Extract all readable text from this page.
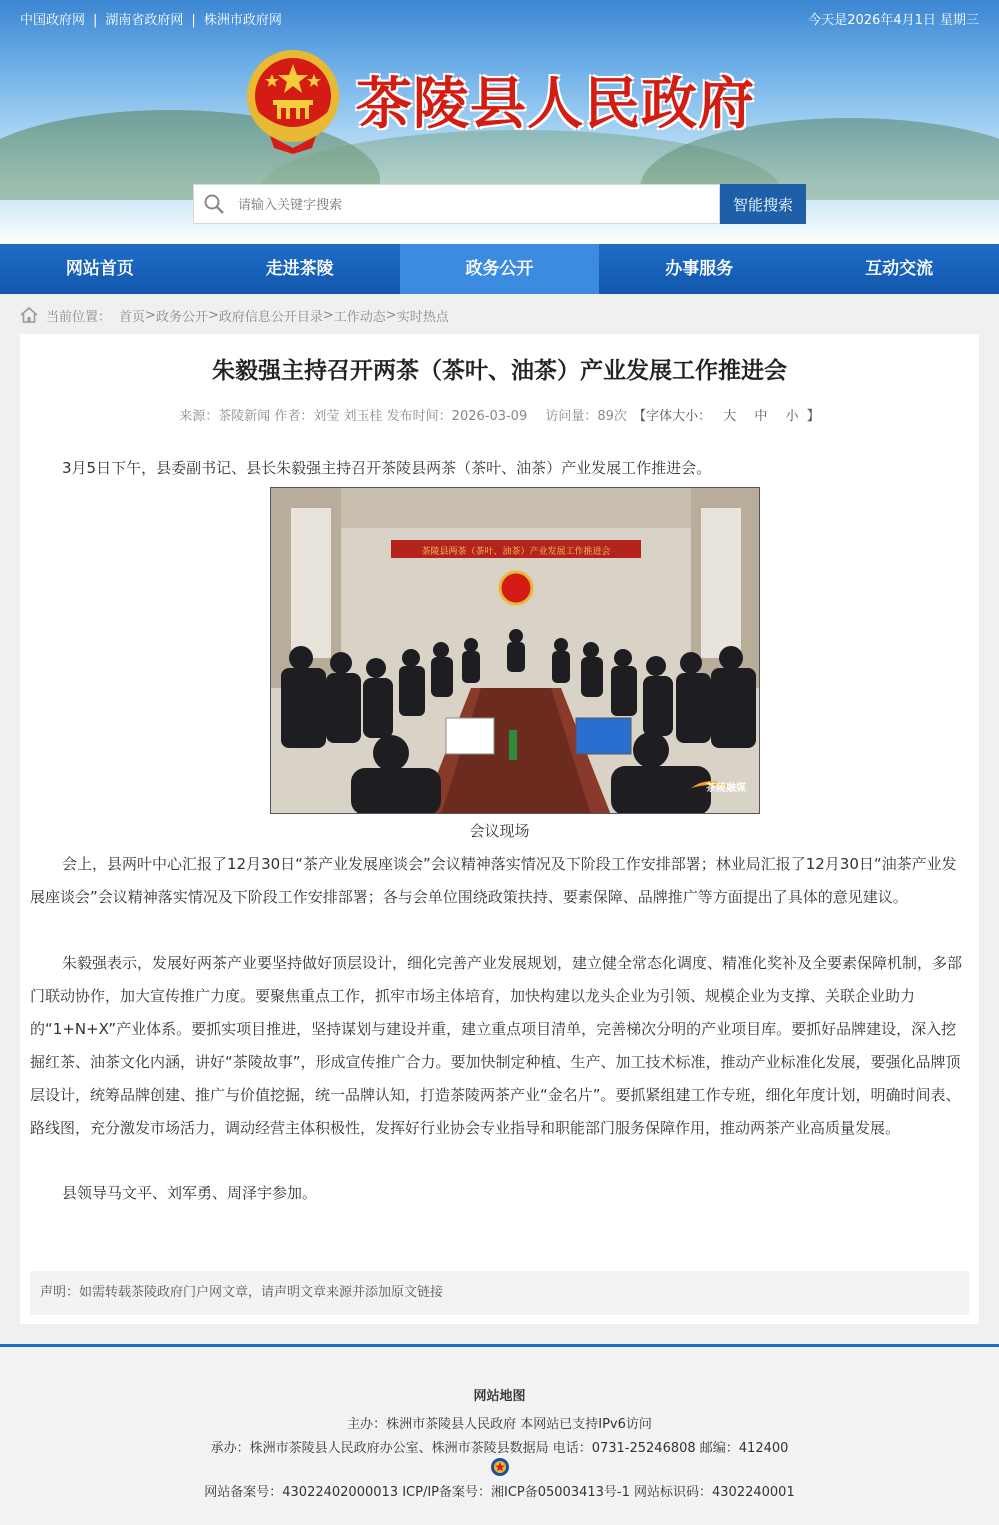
中国政府网 | 湖南省政府网 | 株洲市政府网	今天是2026年4月1日 星期三
茶陵县人民政府
请输入关键字搜索
智能搜索
网站首页	走进茶陵	政务公开	办事服务	互动交流
当前位置： 首页 > 政务公开 > 政府信息公开目录 > 工作动态 > 实时热点
朱毅强主持召开两茶（茶叶、油茶）产业发展工作推进会
来源：茶陵新闻 作者：刘莹 刘玉桂 发布时间：2026-03-09 访问量：89次 【字体大小： 大 中 小 】

3月5日下午，县委副书记、县长朱毅强主持召开茶陵县两茶（茶叶、油茶）产业发展工作推进会。

茶陵县两茶（茶叶、油茶）产业发展工作推进会
茶陵融媒
会议现场

会上，县两叶中心汇报了12月30日“茶产业发展座谈会”会议精神落实情况及下阶段工作安排部署；林业局汇报了12月30日“油茶产业发展座谈会”会议精神落实情况及下阶段工作安排部署；各与会单位围绕政策扶持、要素保障、品牌推广等方面提出了具体的意见建议。

朱毅强表示，发展好两茶产业要坚持做好顶层设计，细化完善产业发展规划，建立健全常态化调度、精准化奖补及全要素保障机制，多部门联动协作，加大宣传推广力度。要聚焦重点工作，抓牢市场主体培育，加快构建以龙头企业为引领、规模企业为支撑、关联企业助力的“1+N+X”产业体系。要抓实项目推进，坚持谋划与建设并重，建立重点项目清单，完善梯次分明的产业项目库。要抓好品牌建设，深入挖掘红茶、油茶文化内涵，讲好“茶陵故事”，形成宣传推广合力。要加快制定种植、生产、加工技术标准，推动产业标准化发展，要强化品牌顶层设计，统筹品牌创建、推广与价值挖掘，统一品牌认知，打造茶陵两茶产业“金名片”。要抓紧组建工作专班，细化年度计划，明确时间表、路线图，充分激发市场活力，调动经营主体积极性，发挥好行业协会专业指导和职能部门服务保障作用，推动两茶产业高质量发展。

县领导马文平、刘军勇、周泽宇参加。

声明：如需转载茶陵政府门户网文章，请声明文章来源并添加原文链接
网站地图
主办：株洲市茶陵县人民政府 本网站已支持IPv6访问
承办：株洲市茶陵县人民政府办公室、株洲市茶陵县数据局 电话：0731-25246808 邮编：412400
网站备案号：43022402000013 ICP/IP备案号：湘ICP备05003413号-1 网站标识码：4302240001
